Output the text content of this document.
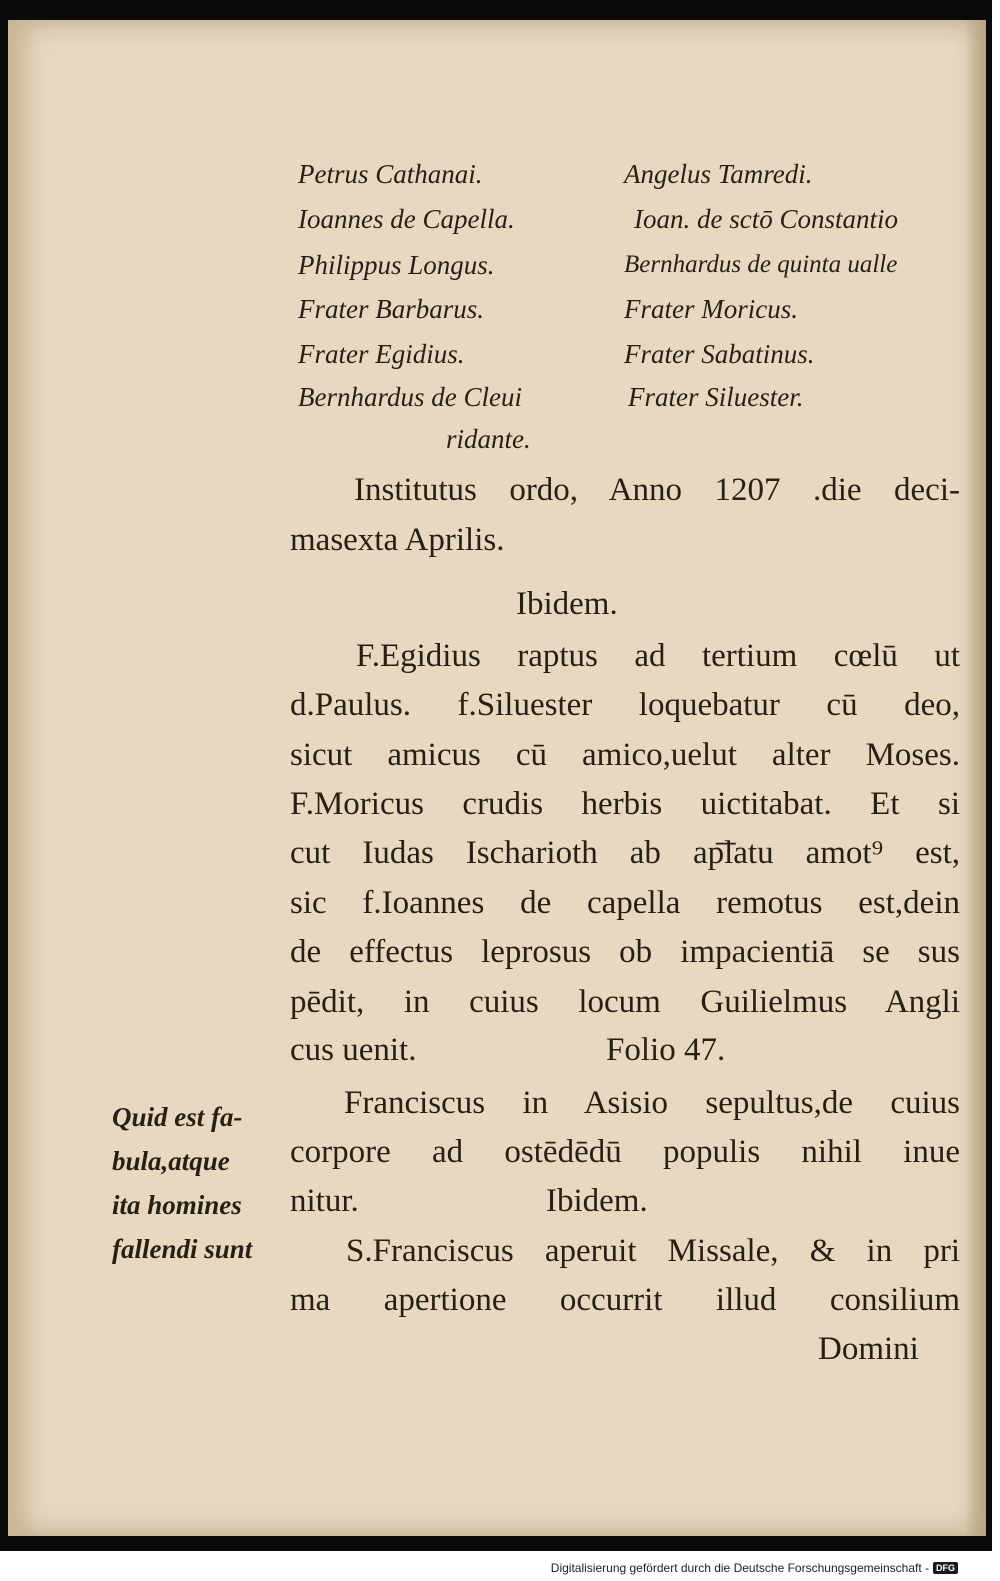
Petrus Cathanai.
Ioannes de Capella.
Philippus Longus.
Frater Barbarus.
Frater Egidius.
Bernhardus de Cleui
ridante.
Angelus Tamredi.
Ioan. de sctō Constantio
Bernhardus de quinta ualle
Frater Moricus.
Frater Sabatinus.
Frater Siluester.
Institutus ordo, Anno 1207 .die deci-
masexta Aprilis.
Ibidem.
F.Egidius raptus ad tertium cœlū ut
d.Paulus. f.Siluester loquebatur cū deo,
sicut amicus cū amico,uelut alter Moses.
F.Moricus crudis herbis uictitabat. Et si
cut Iudas Ischarioth ab ap͞latu amot⁹ est,
sic f.Ioannes de capella remotus est,dein
de effectus leprosus ob impacientiā se sus
pēdit, in cuius locum Guilielmus Angli
cus uenit.	Folio 47.
Franciscus in Asisio sepultus,de cuius
corpore ad ostēdēdū populis nihil inue
nitur.	Ibidem.
S.Franciscus aperuit Missale, & in pri
ma apertione occurrit illud consilium
Domini
Quid est fa-
bula,atque
ita homines
fallendi sunt
Digitalisierung gefördert durch die Deutsche Forschungsgemeinschaft - DFG
